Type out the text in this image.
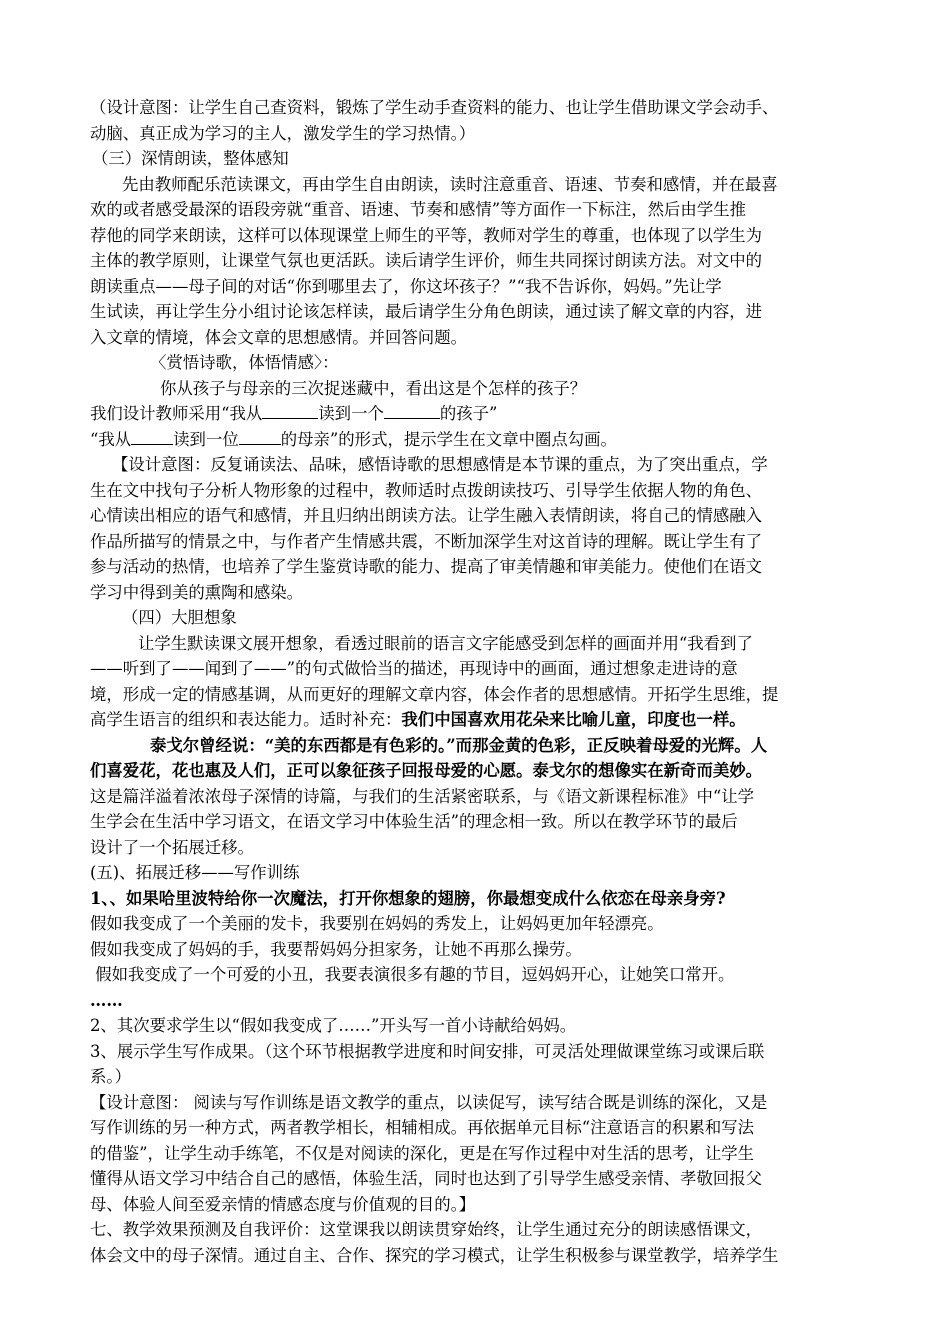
（设计意图：让学生自己查资料，锻炼了学生动手查资料的能力、也让学生借助课文学会动手、
动脑、真正成为学习的主人，激发学生的学习热情。）
（三）深情朗读，整体感知
先由教师配乐范读课文，再由学生自由朗读，读时注意重音、语速、节奏和感情，并在最喜
欢的或者感受最深的语段旁就“重音、语速、节奏和感情”等方面作一下标注，然后由学生推
荐他的同学来朗读，这样可以体现课堂上师生的平等，教师对学生的尊重，也体现了以学生为
主体的教学原则，让课堂气氛也更活跃。读后请学生评价，师生共同探讨朗读方法。对文中的
朗读重点——母子间的对话“你到哪里去了，你这坏孩子？”“我不告诉你，妈妈。”先让学
生试读，再让学生分小组讨论该怎样读，最后请学生分角色朗读，通过读了解文章的内容，进
入文章的情境，体会文章的思想感情。并回答问题。
〈赏悟诗歌，体悟情感〉：
你从孩子与母亲的三次捉迷藏中，看出这是个怎样的孩子？
我们设计教师采用“我从	读到一个	的孩子”
“我从	读到一位	的母亲”的形式，提示学生在文章中圈点勾画。
【设计意图：反复诵读法、品味，感悟诗歌的思想感情是本节课的重点，为了突出重点，学
生在文中找句子分析人物形象的过程中，教师适时点拨朗读技巧、引导学生依据人物的角色、
心情读出相应的语气和感情，并且归纳出朗读方法。让学生融入表情朗读，将自己的情感融入
作品所描写的情景之中，与作者产生情感共震，不断加深学生对这首诗的理解。既让学生有了
参与活动的热情，也培养了学生鉴赏诗歌的能力、提高了审美情趣和审美能力。使他们在语文
学习中得到美的熏陶和感染。
（四）大胆想象
让学生默读课文展开想象，看透过眼前的语言文字能感受到怎样的画面并用“我看到了
——听到了——闻到了——”的句式做恰当的描述，再现诗中的画面，通过想象走进诗的意
境，形成一定的情感基调，从而更好的理解文章内容，体会作者的思想感情。开拓学生思维，提
高学生语言的组织和表达能力。适时补充：我们中国喜欢用花朵来比喻儿童，印度也一样。
泰戈尔曾经说：“美的东西都是有色彩的。”而那金黄的色彩，正反映着母爱的光辉。人
们喜爱花，花也惠及人们，正可以象征孩子回报母爱的心愿。泰戈尔的想像实在新奇而美妙。
这是篇洋溢着浓浓母子深情的诗篇，与我们的生活紧密联系，与《语文新课程标准》中“让学
生学会在生活中学习语文，在语文学习中体验生活”的理念相一致。所以在教学环节的最后
设计了一个拓展迁移。
(五)、拓展迁移——写作训练
1、、如果哈里波特给你一次魔法，打开你想象的翅膀，你最想变成什么依恋在母亲身旁?
假如我变成了一个美丽的发卡，我要别在妈妈的秀发上，让妈妈更加年轻漂亮。
假如我变成了妈妈的手，我要帮妈妈分担家务，让她不再那么操劳。
假如我变成了一个可爱的小丑，我要表演很多有趣的节目，逗妈妈开心，让她笑口常开。
……
2、其次要求学生以“假如我变成了……”开头写一首小诗献给妈妈。
3、展示学生写作成果。（这个环节根据教学进度和时间安排，可灵活处理做课堂练习或课后联
系。）
【设计意图： 阅读与写作训练是语文教学的重点，以读促写，读写结合既是训练的深化，又是
写作训练的另一种方式，两者教学相长，相辅相成。再依据单元目标“注意语言的积累和写法
的借鉴”，让学生动手练笔，不仅是对阅读的深化，更是在写作过程中对生活的思考，让学生
懂得从语文学习中结合自己的感悟，体验生活，同时也达到了引导学生感受亲情、孝敬回报父
母、体验人间至爱亲情的情感态度与价值观的目的。】
七、教学效果预测及自我评价：这堂课我以朗读贯穿始终，让学生通过充分的朗读感悟课文，
体会文中的母子深情。通过自主、合作、探究的学习模式，让学生积极参与课堂教学，培养学生
